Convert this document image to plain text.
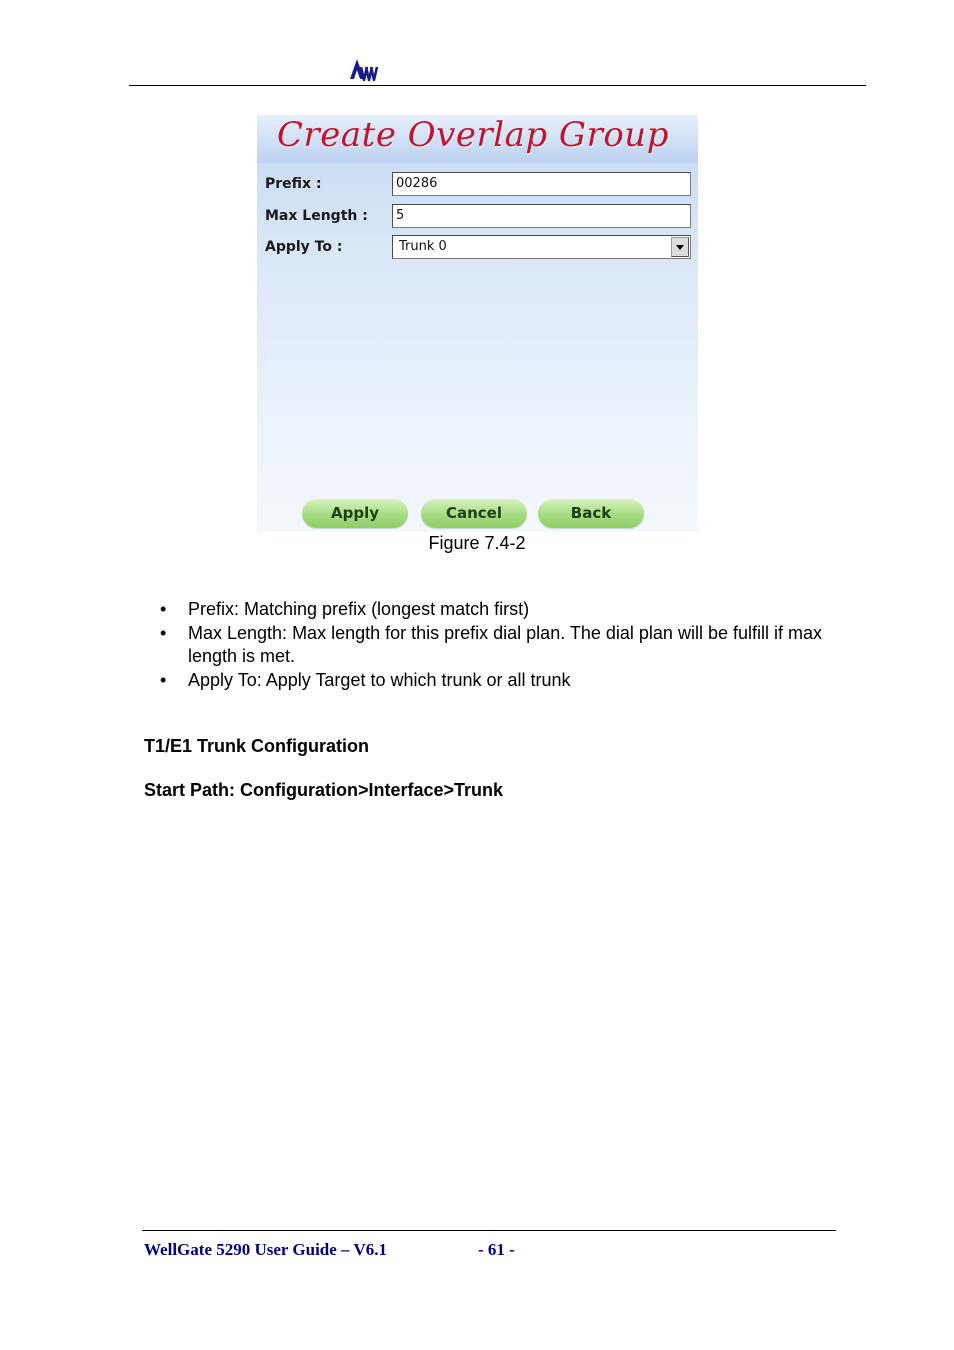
Create Overlap Group
Prefix :	00286
Max Length :	5
Apply To :	Trunk 0
Apply	Cancel	Back
Figure 7.4-2
• Prefix: Matching prefix (longest match first)
• Max Length: Max length for this prefix dial plan. The dial plan will be fulfill if max length is met.
• Apply To: Apply Target to which trunk or all trunk
T1/E1 Trunk Configuration
Start Path: Configuration>Interface>Trunk
WellGate 5290 User Guide – V6.1	- 61 -
